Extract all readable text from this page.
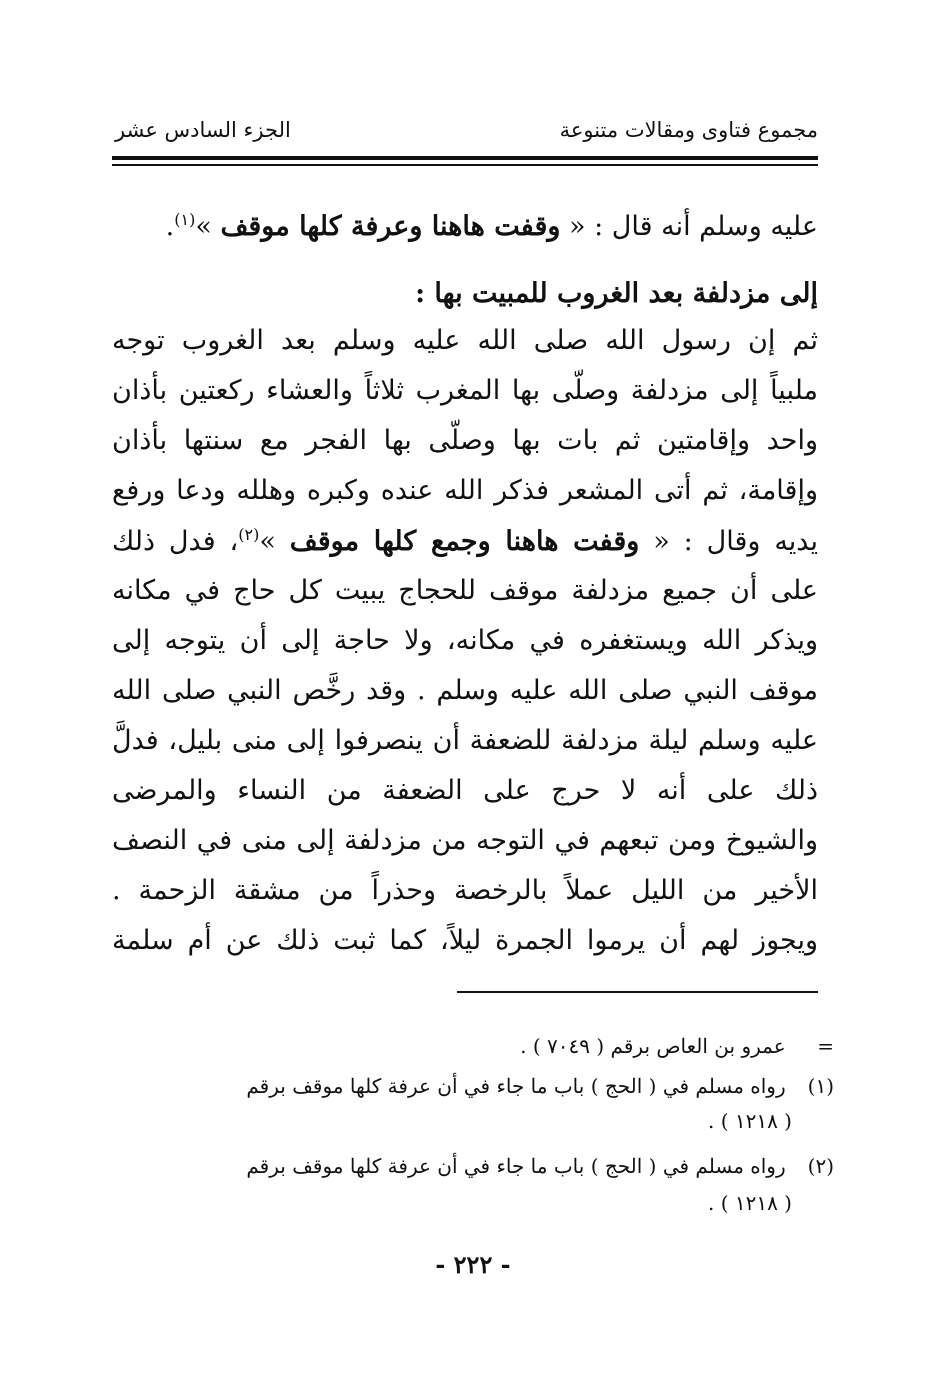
مجموع فتاوى ومقالات متنوعة
الجزء السادس عشر
عليه وسلم أنه قال : « وقفت هاهنا وعرفة كلها موقف »$^{(١)}$.
إلى مزدلفة بعد الغروب للمبيت بها :
ثم إن رسول الله صلى الله عليه وسلم بعد الغروب توجه
ملبياً إلى مزدلفة وصلّى بها المغرب ثلاثاً والعشاء ركعتين بأذان
واحد وإقامتين ثم بات بها وصلّى بها الفجر مع سنتها بأذان
وإقامة، ثم أتى المشعر فذكر الله عنده وكبره وهلله ودعا ورفع
يديه وقال : « وقفت هاهنا وجمع كلها موقف »$^{(٢)}$، فدل ذلك
على أن جميع مزدلفة موقف للحجاج يبيت كل حاج في مكانه
ويذكر الله ويستغفره في مكانه، ولا حاجة إلى أن يتوجه إلى
موقف النبي صلى الله عليه وسلم . وقد رخَّص النبي صلى الله
عليه وسلم ليلة مزدلفة للضعفة أن ينصرفوا إلى منى بليل، فدلَّ
ذلك على أنه لا حرج على الضعفة من النساء والمرضى
والشيوخ ومن تبعهم في التوجه من مزدلفة إلى منى في النصف
الأخير من الليل عملاً بالرخصة وحذراً من مشقة الزحمة .
ويجوز لهم أن يرموا الجمرة ليلاً، كما ثبت ذلك عن أم سلمة
= عمرو بن العاص برقم ( ٧٠٤٩ ) .
(١) رواه مسلم في ( الحج ) باب ما جاء في أن عرفة كلها موقف برقم
( ١٢١٨ ) .
(٢) رواه مسلم في ( الحج ) باب ما جاء في أن عرفة كلها موقف برقم
( ١٢١٨ ) .
- ٢٢٢ -
